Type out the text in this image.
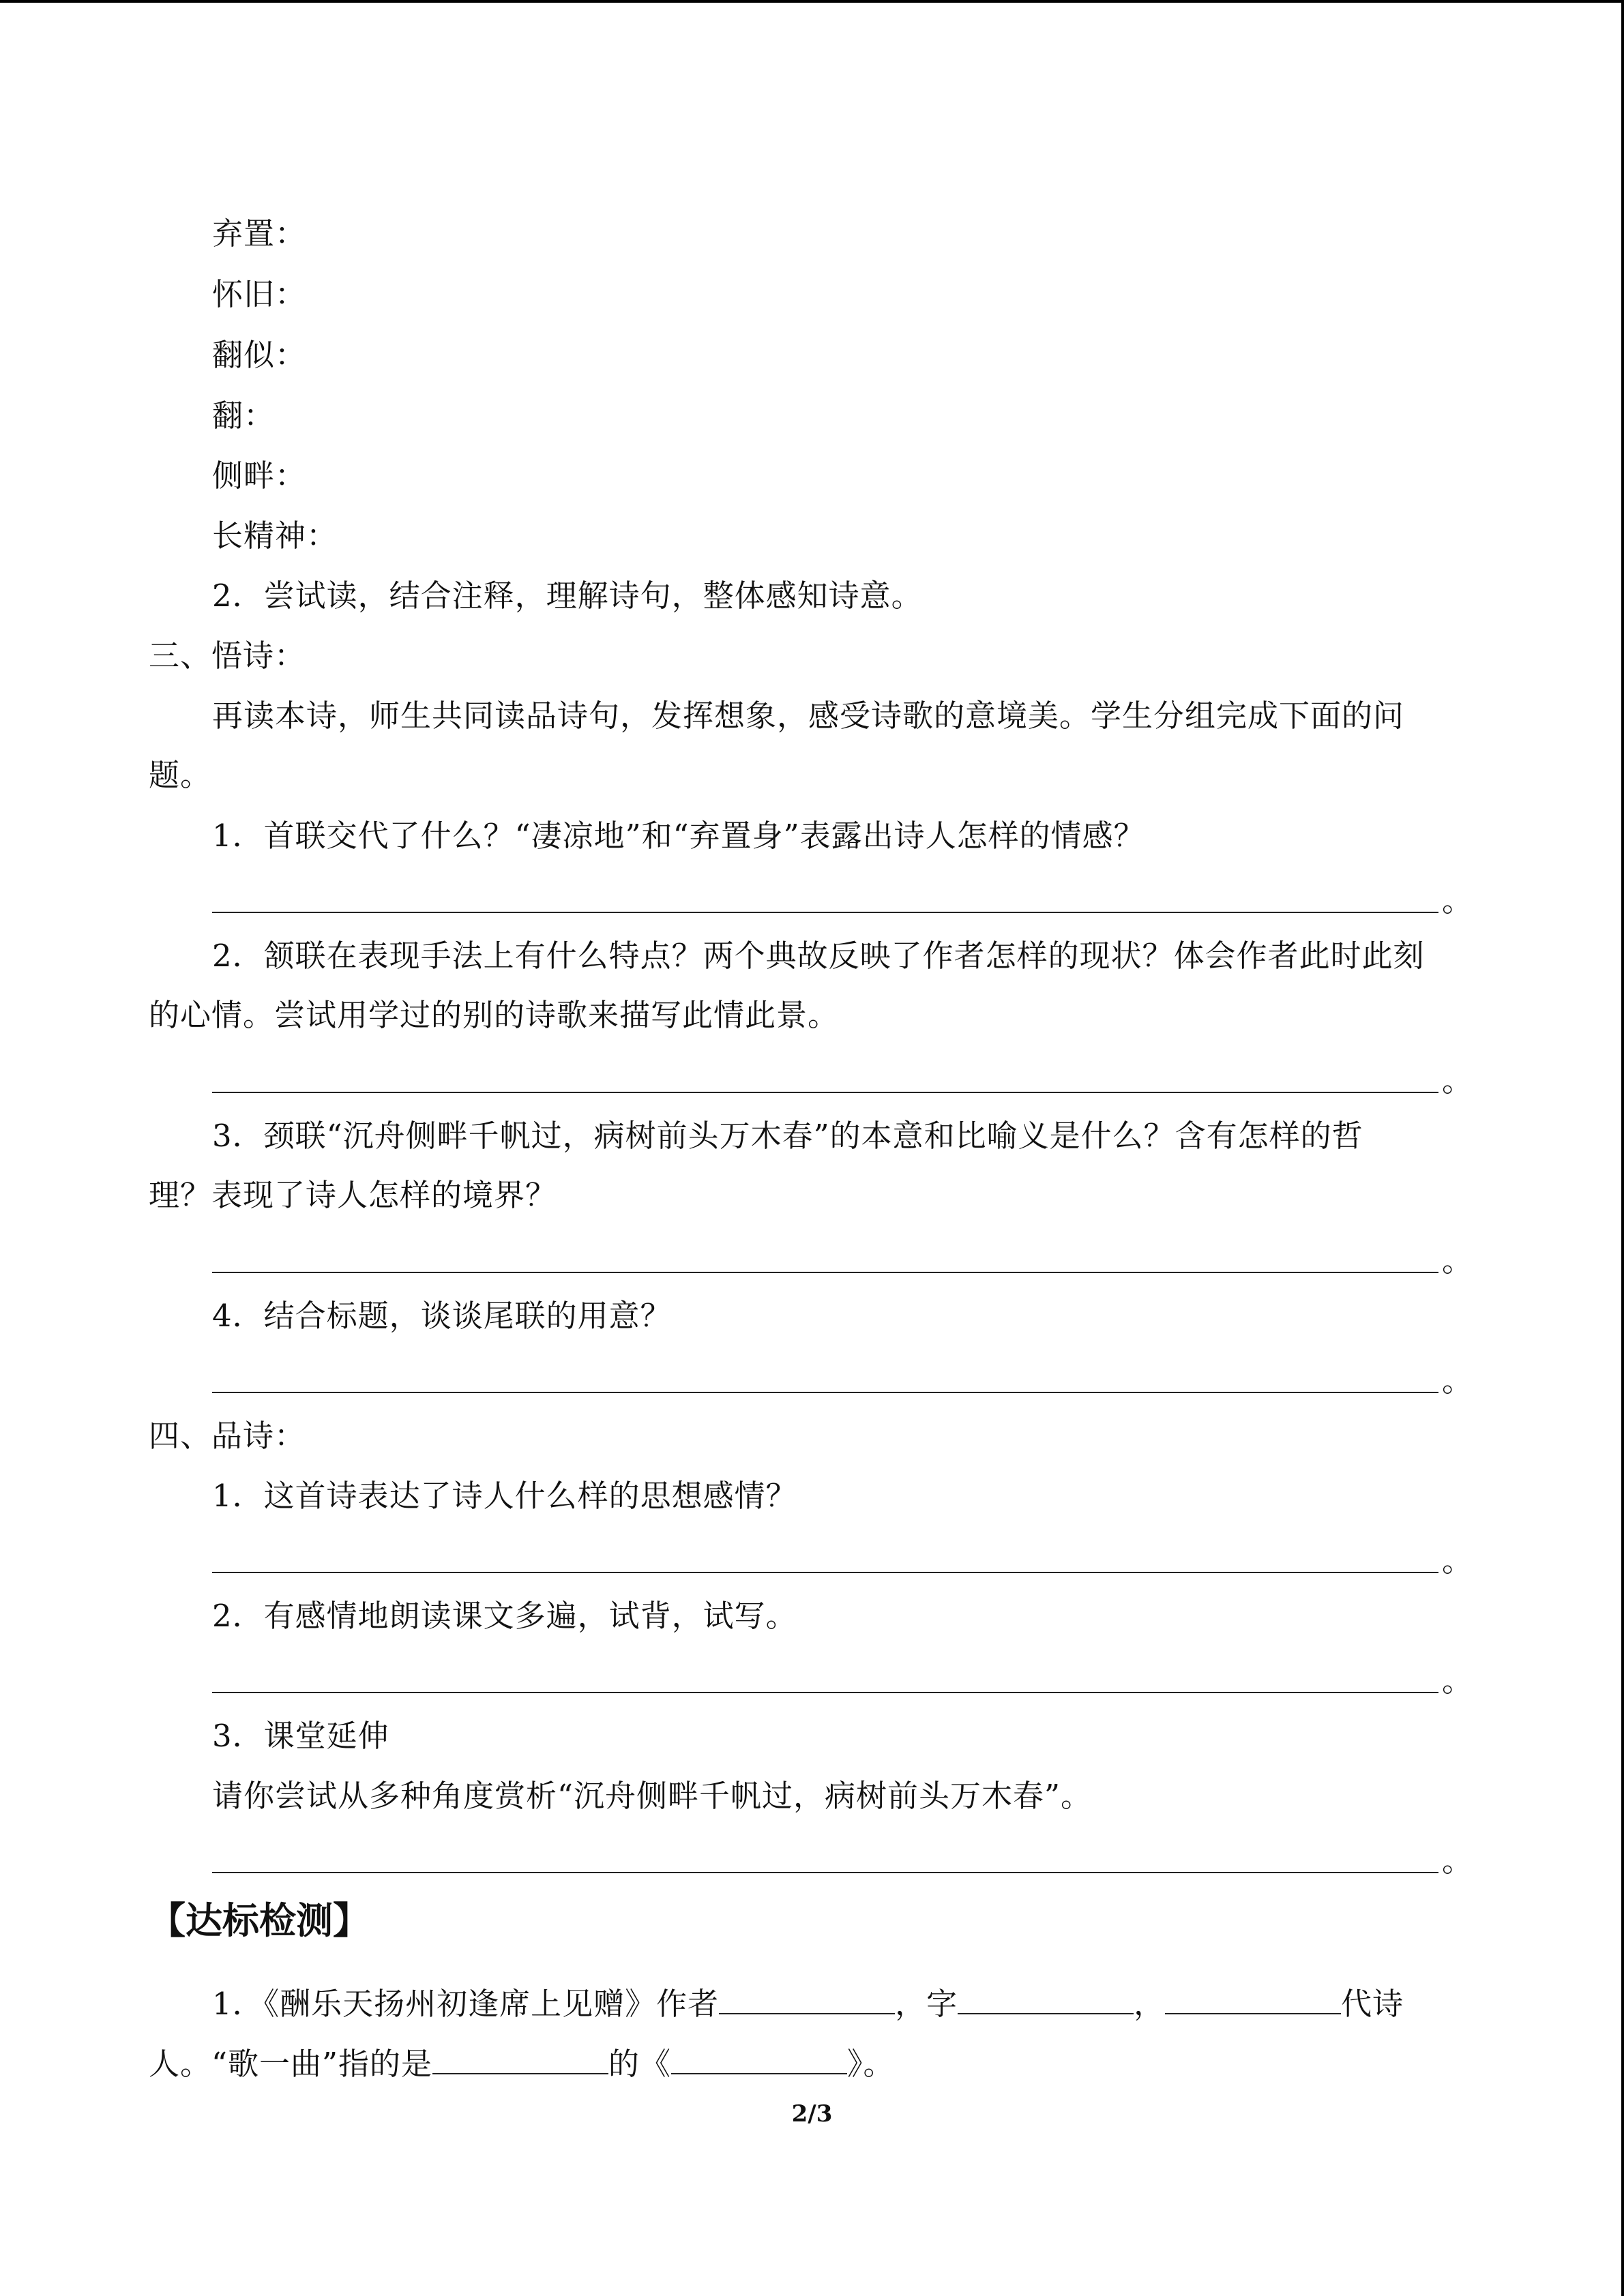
弃置：
怀旧：
翻似：
翻：
侧畔：
长精神：
2．尝试读，结合注释，理解诗句，整体感知诗意。
三、悟诗：
再读本诗，师生共同读品诗句，发挥想象，感受诗歌的意境美。学生分组完成下面的问
题。
1．首联交代了什么？“凄凉地”和“弃置身”表露出诗人怎样的情感？
。
2．颔联在表现手法上有什么特点？两个典故反映了作者怎样的现状？体会作者此时此刻
的心情。尝试用学过的别的诗歌来描写此情此景。
。
3．颈联“沉舟侧畔千帆过，病树前头万木春”的本意和比喻义是什么？含有怎样的哲
理？表现了诗人怎样的境界？
。
4．结合标题，谈谈尾联的用意？
。
四、品诗：
1．这首诗表达了诗人什么样的思想感情？
。
2．有感情地朗读课文多遍，试背，试写。
。
3．课堂延伸
请你尝试从多种角度赏析“沉舟侧畔千帆过，病树前头万木春”。
。
【达标检测】
1．《酬乐天扬州初逢席上见赠》作者	，字	，	代诗
人。“歌一曲”指的是	的《	》。
2/3
